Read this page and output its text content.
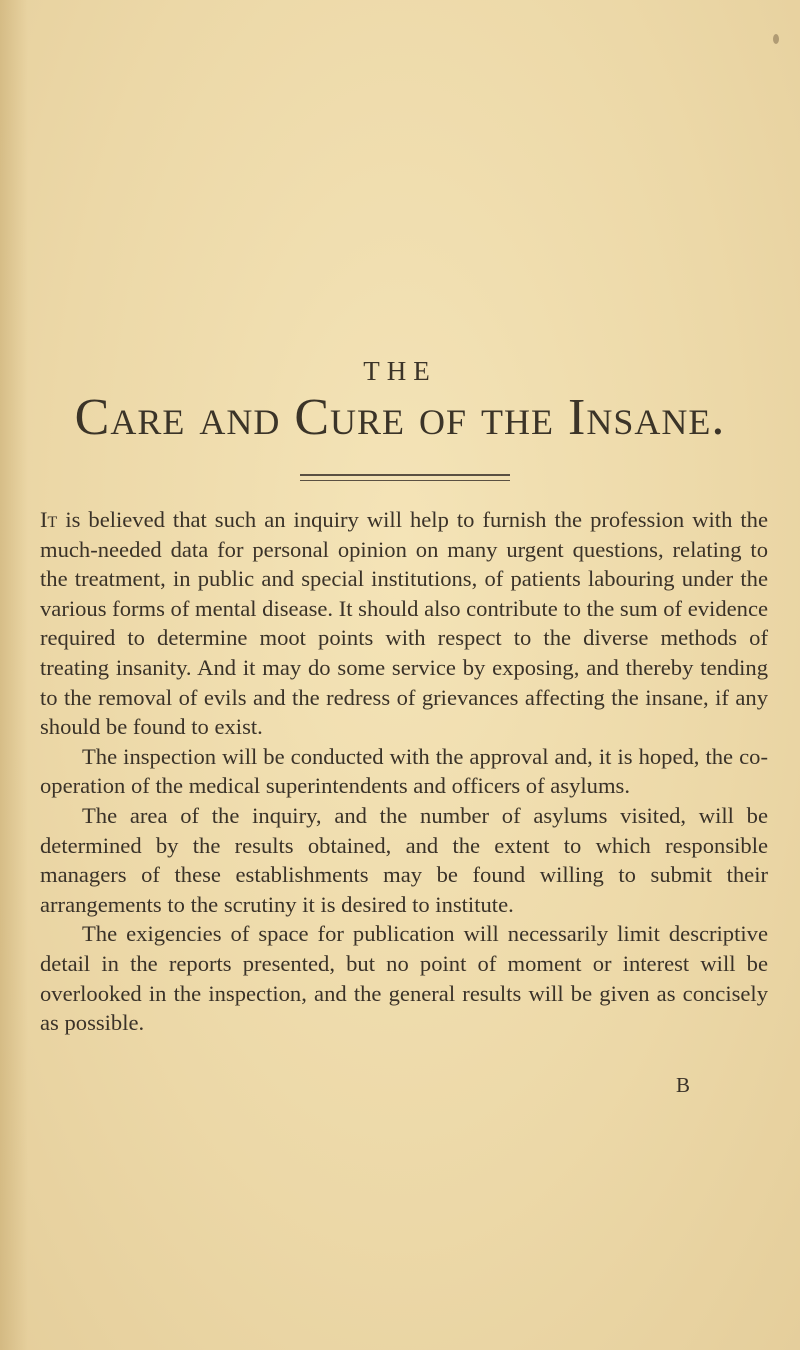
THE
Care and Cure of the Insane.

It is believed that such an inquiry will help to furnish the profession with the much-needed data for personal opinion on many urgent questions, relating to the treatment, in public and special institutions, of patients labouring under the various forms of mental disease. It should also contribute to the sum of evidence required to determine moot points with respect to the diverse methods of treating insanity. And it may do some service by exposing, and thereby tending to the removal of evils and the redress of grievances affecting the insane, if any should be found to exist.

The inspection will be conducted with the approval and, it is hoped, the co-operation of the medical superintendents and officers of asylums.

The area of the inquiry, and the number of asylums visited, will be determined by the results obtained, and the extent to which responsible managers of these establishments may be found willing to submit their arrangements to the scrutiny it is desired to institute.

The exigencies of space for publication will necessarily limit descriptive detail in the reports presented, but no point of moment or interest will be overlooked in the inspection, and the general results will be given as concisely as possible.

B
